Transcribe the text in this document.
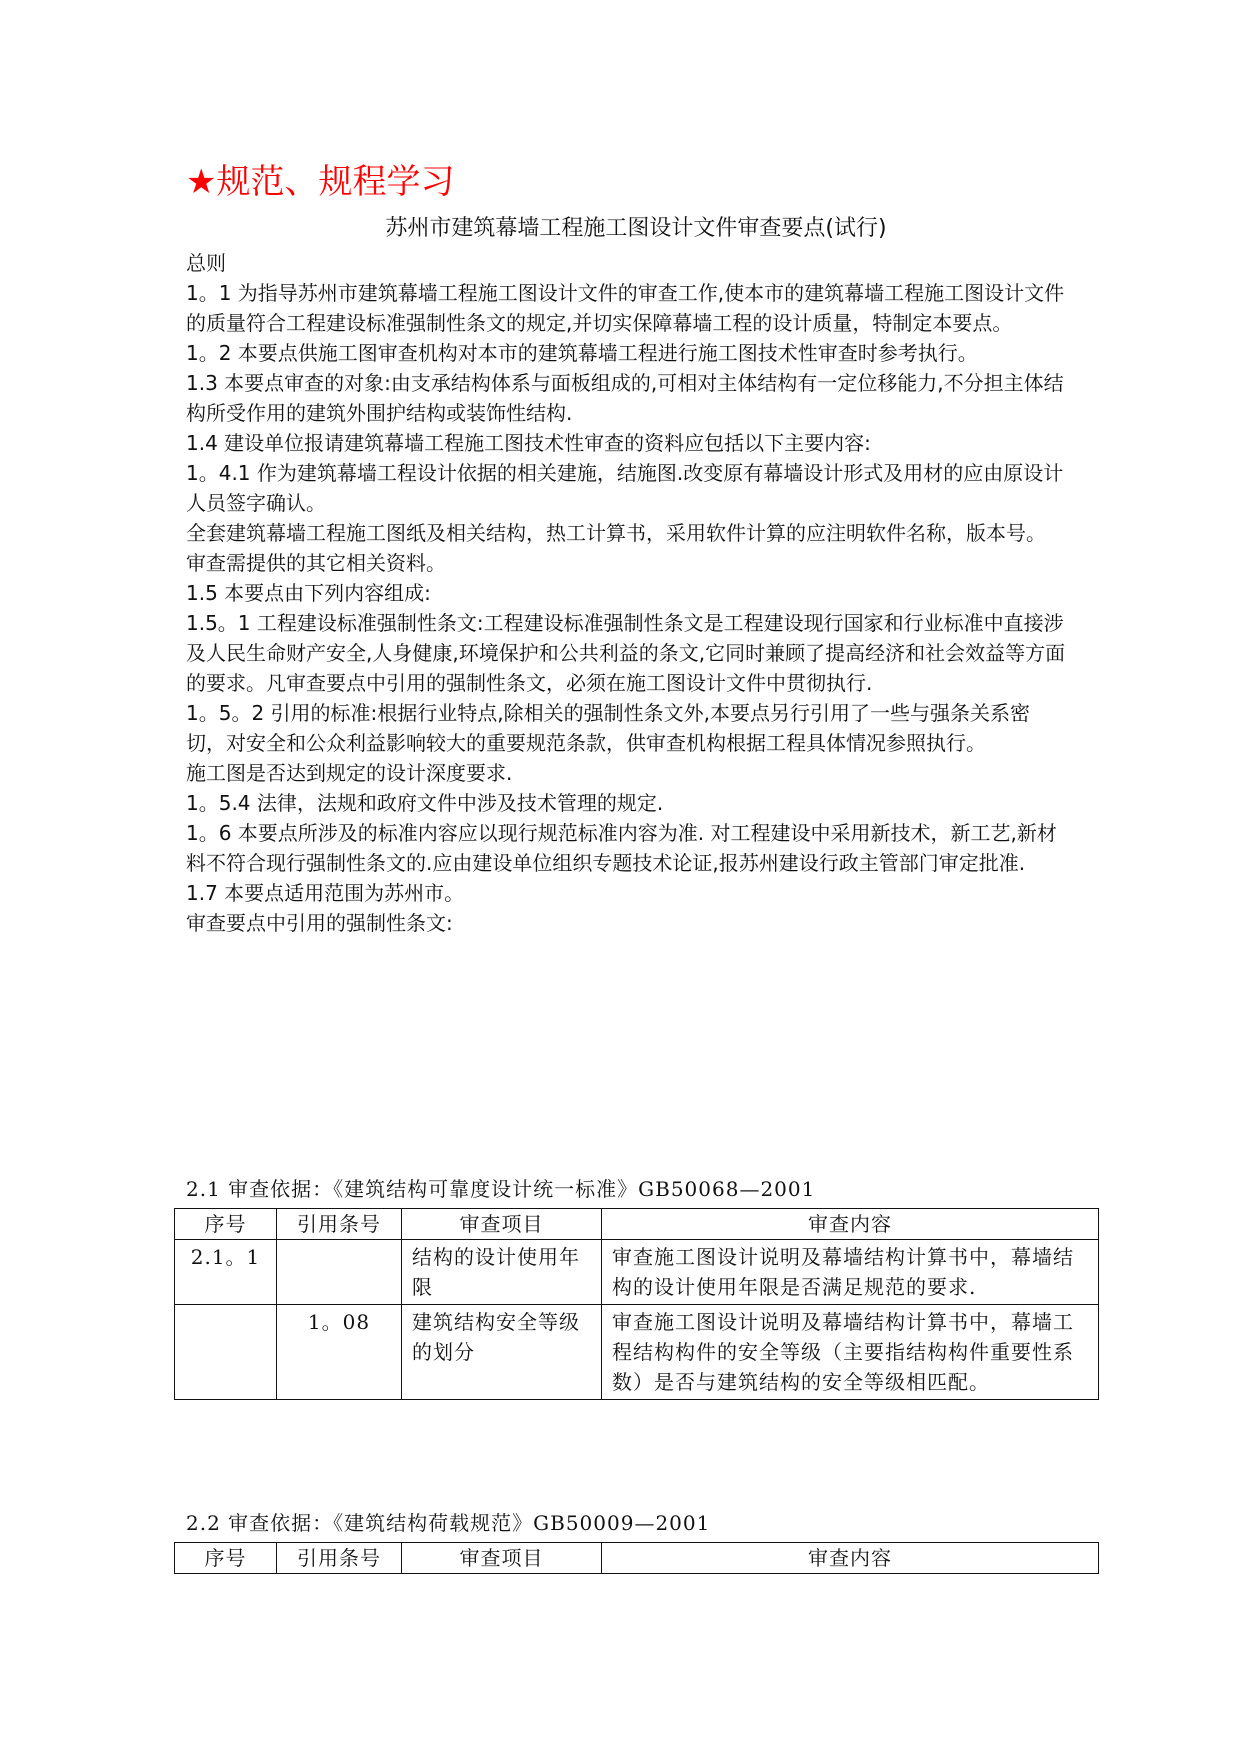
★规范、规程学习
苏州市建筑幕墙工程施工图设计文件审查要点(试行)

总则

1。1 为指导苏州市建筑幕墙工程施工图设计文件的审查工作,使本市的建筑幕墙工程施工图设计文件的质量符合工程建设标准强制性条文的规定,并切实保障幕墙工程的设计质量，特制定本要点。

1。2 本要点供施工图审查机构对本市的建筑幕墙工程进行施工图技术性审查时参考执行。

1.3 本要点审查的对象:由支承结构体系与面板组成的,可相对主体结构有一定位移能力,不分担主体结构所受作用的建筑外围护结构或装饰性结构.

1.4 建设单位报请建筑幕墙工程施工图技术性审查的资料应包括以下主要内容:

1。4.1 作为建筑幕墙工程设计依据的相关建施，结施图.改变原有幕墙设计形式及用材的应由原设计人员签字确认。

全套建筑幕墙工程施工图纸及相关结构，热工计算书，采用软件计算的应注明软件名称，版本号。

审查需提供的其它相关资料。

1.5 本要点由下列内容组成:

1.5。1 工程建设标准强制性条文:工程建设标准强制性条文是工程建设现行国家和行业标准中直接涉及人民生命财产安全,人身健康,环境保护和公共利益的条文,它同时兼顾了提高经济和社会效益等方面的要求。凡审查要点中引用的强制性条文，必须在施工图设计文件中贯彻执行.

1。5。2 引用的标准:根据行业特点,除相关的强制性条文外,本要点另行引用了一些与强条关系密切，对安全和公众利益影响较大的重要规范条款，供审查机构根据工程具体情况参照执行。

施工图是否达到规定的设计深度要求.

1。5.4 法律，法规和政府文件中涉及技术管理的规定.

1。6 本要点所涉及的标准内容应以现行规范标准内容为准. 对工程建设中采用新技术，新工艺,新材料不符合现行强制性条文的.应由建设单位组织专题技术论证,报苏州建设行政主管部门审定批准.

1.7 本要点适用范围为苏州市。

审查要点中引用的强制性条文:

2.1 审查依据：《建筑结构可靠度设计统一标准》GB50068—2001
序号	引用条号	审查项目	审查内容
2.1。1		结构的设计使用年限	审查施工图设计说明及幕墙结构计算书中，幕墙结构的设计使用年限是否满足规范的要求.
	1。08	建筑结构安全等级的划分	审查施工图设计说明及幕墙结构计算书中，幕墙工程结构构件的安全等级（主要指结构构件重要性系数）是否与建筑结构的安全等级相匹配。
2.2 审查依据：《建筑结构荷载规范》GB50009—2001
序号	引用条号	审查项目	审查内容
